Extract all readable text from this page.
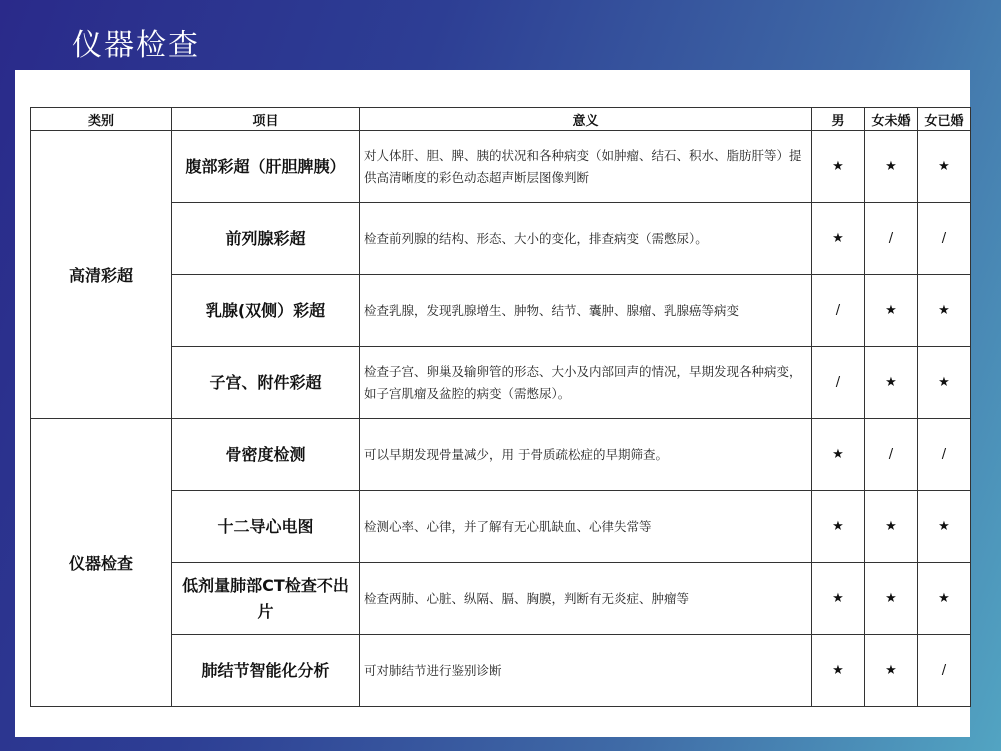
仪器检查
类别	项目	意义	男	女未婚	女已婚
高清彩超	腹部彩超（肝胆脾胰）	对人体肝、胆、脾、胰的状况和各种病变（如肿瘤、结石、积水、脂肪肝等）提供高清晰度的彩色动态超声断层图像判断	★	★	★
	前列腺彩超	检查前列腺的结构、形态、大小的变化，排查病变（需憋尿）。	★	/	/
	乳腺(双侧）彩超	检查乳腺，发现乳腺增生、肿物、结节、囊肿、腺瘤、乳腺癌等病变	/	★	★
	子宫、附件彩超	检查子宫、卵巢及输卵管的形态、大小及内部回声的情况，早期发现各种病变，如子宫肌瘤及盆腔的病变（需憋尿）。	/	★	★
仪器检查	骨密度检测	可以早期发现骨量减少，用 于骨质疏松症的早期筛查。	★	/	/
	十二导心电图	检测心率、心律，并了解有无心肌缺血、心律失常等	★	★	★
	低剂量肺部CT检查不出片	检查两肺、心脏、纵隔、膈、胸膜，判断有无炎症、肿瘤等	★	★	★
	肺结节智能化分析	可对肺结节进行鉴别诊断	★	★	/
